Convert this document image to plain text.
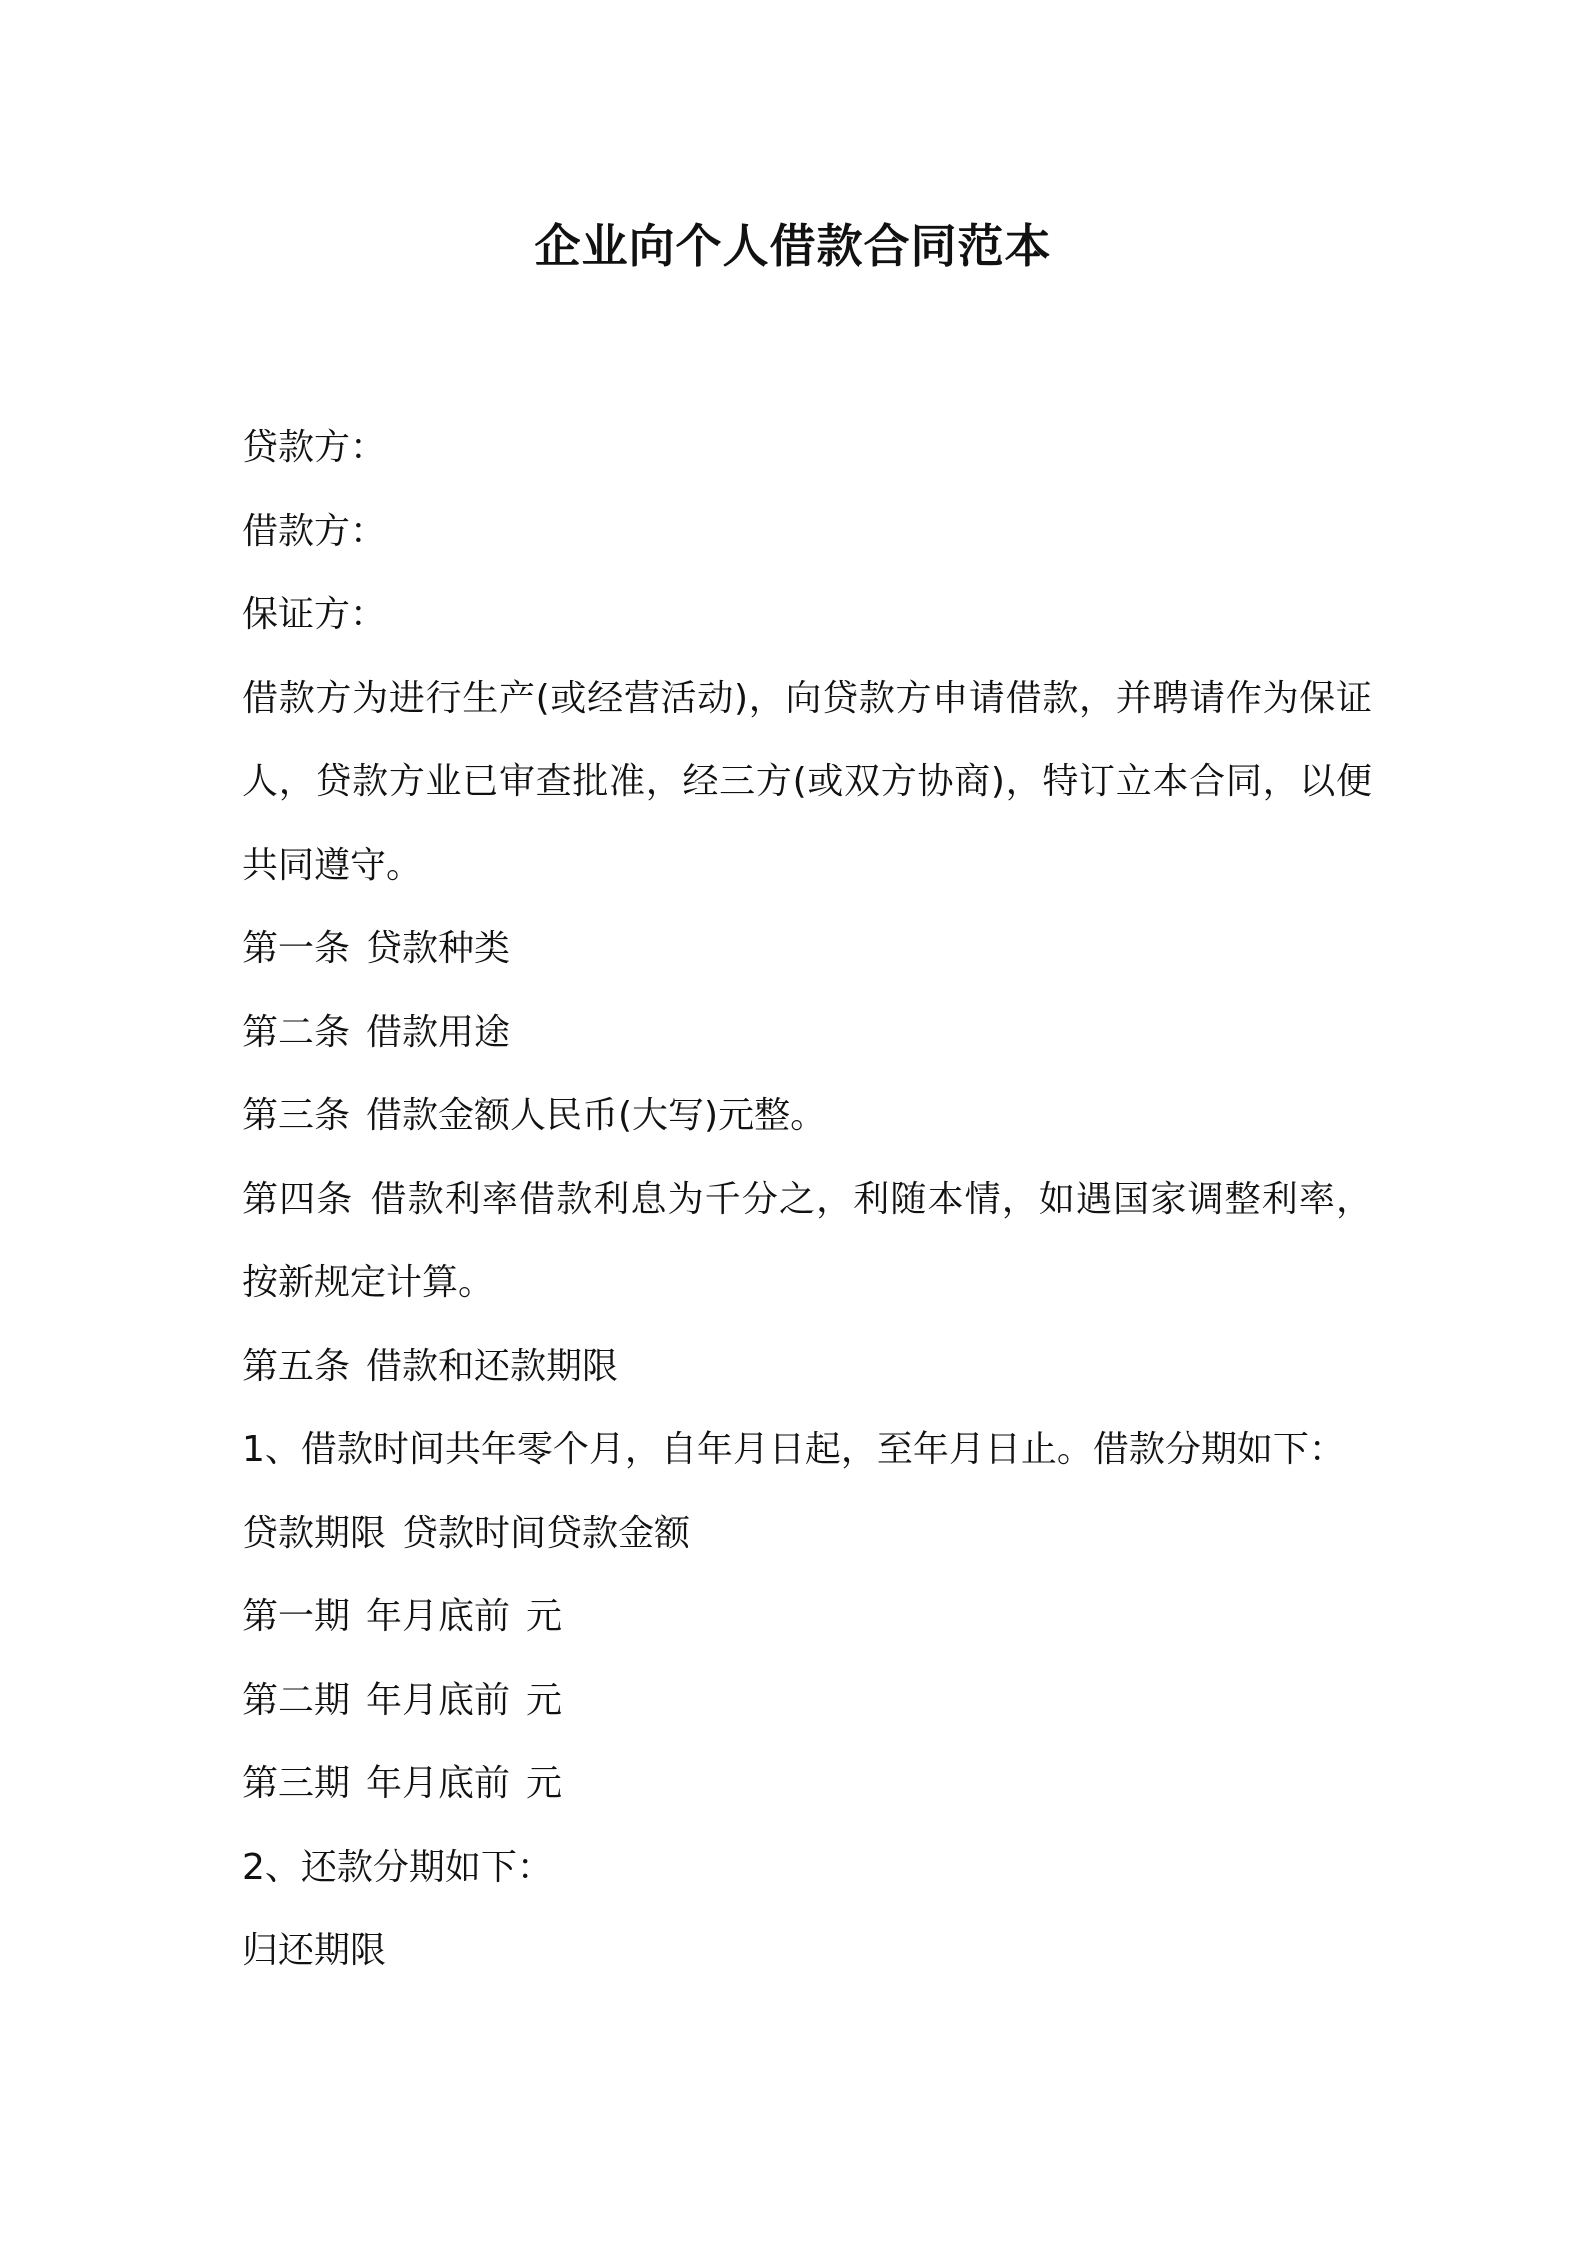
企业向个人借款合同范本
贷款方：
借款方：
保证方：
借款方为进行生产(或经营活动)，向贷款方申请借款，并聘请作为保证人，贷款方业已审查批准，经三方(或双方协商)，特订立本合同，以便共同遵守。
第一条 贷款种类
第二条 借款用途
第三条 借款金额人民币(大写)元整。
第四条 借款利率借款利息为千分之，利随本情，如遇国家调整利率，按新规定计算。
第五条 借款和还款期限
1、借款时间共年零个月，自年月日起，至年月日止。借款分期如下：
贷款期限 贷款时间贷款金额
第一期 年月底前 元
第二期 年月底前 元
第三期 年月底前 元
2、还款分期如下：
归还期限
